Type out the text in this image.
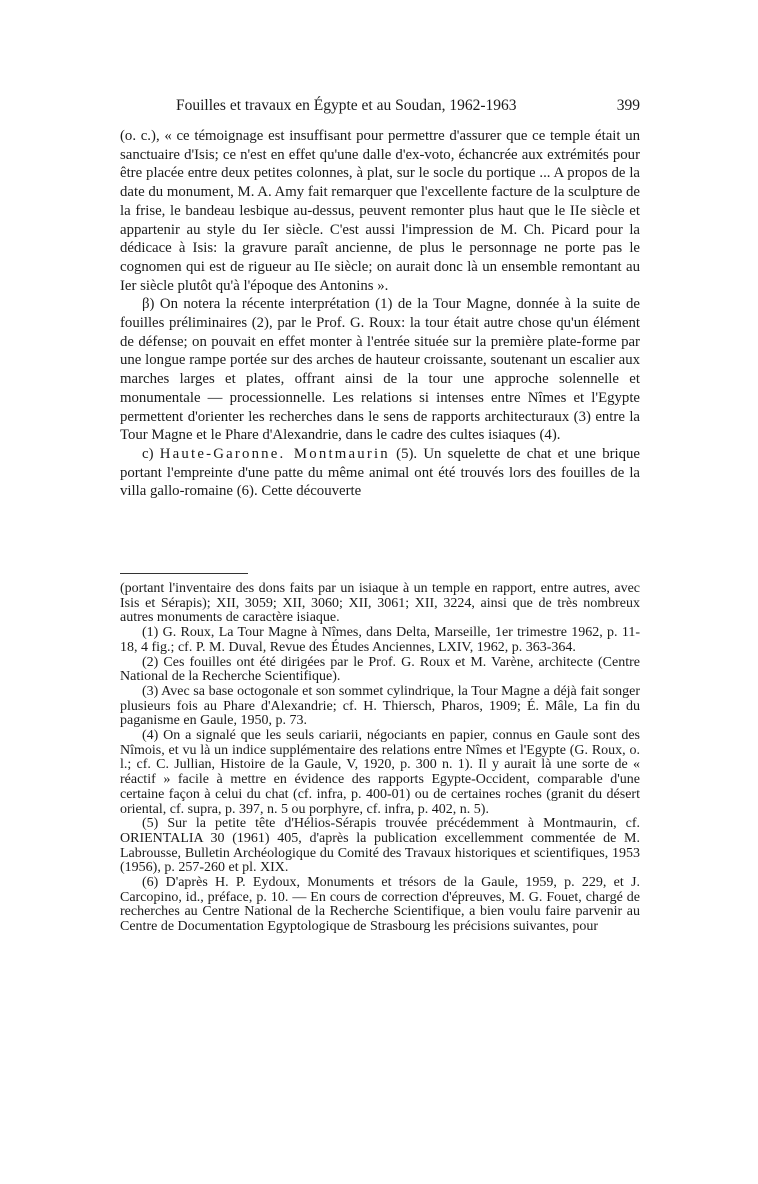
Fouilles et travaux en Égypte et au Soudan, 1962-1963	399

(o. c.), « ce témoignage est insuffisant pour permettre d'assurer que ce temple était un sanctuaire d'Isis; ce n'est en effet qu'une dalle d'ex-voto, échancrée aux extrémités pour être placée entre deux petites colonnes, à plat, sur le socle du portique ... A propos de la date du monument, M. A. Amy fait remarquer que l'excellente facture de la sculpture de la frise, le bandeau lesbique au-dessus, peuvent remonter plus haut que le IIe siècle et appartenir au style du Ier siècle. C'est aussi l'impression de M. Ch. Picard pour la dédicace à Isis: la gravure paraît ancienne, de plus le personnage ne porte pas le cognomen qui est de rigueur au IIe siècle; on aurait donc là un ensemble remontant au Ier siècle plutôt qu'à l'époque des Antonins ».

β) On notera la récente interprétation (1) de la Tour Magne, donnée à la suite de fouilles préliminaires (2), par le Prof. G. Roux: la tour était autre chose qu'un élément de défense; on pouvait en effet monter à l'entrée située sur la première plate-forme par une longue rampe portée sur des arches de hauteur croissante, soutenant un escalier aux marches larges et plates, offrant ainsi de la tour une approche solennelle et monumentale — processionnelle. Les relations si intenses entre Nîmes et l'Egypte permettent d'orienter les recherches dans le sens de rapports architecturaux (3) entre la Tour Magne et le Phare d'Alexandrie, dans le cadre des cultes isiaques (4).

c) Haute-Garonne. Montmaurin (5). Un squelette de chat et une brique portant l'empreinte d'une patte du même animal ont été trouvés lors des fouilles de la villa gallo-romaine (6). Cette découverte

(portant l'inventaire des dons faits par un isiaque à un temple en rapport, entre autres, avec Isis et Sérapis); XII, 3059; XII, 3060; XII, 3061; XII, 3224, ainsi que de très nombreux autres monuments de caractère isiaque.

(1) G. Roux, La Tour Magne à Nîmes, dans Delta, Marseille, 1er trimestre 1962, p. 11-18, 4 fig.; cf. P. M. Duval, Revue des Études Anciennes, LXIV, 1962, p. 363-364.

(2) Ces fouilles ont été dirigées par le Prof. G. Roux et M. Varène, architecte (Centre National de la Recherche Scientifique).

(3) Avec sa base octogonale et son sommet cylindrique, la Tour Magne a déjà fait songer plusieurs fois au Phare d'Alexandrie; cf. H. Thiersch, Pharos, 1909; É. Mâle, La fin du paganisme en Gaule, 1950, p. 73.

(4) On a signalé que les seuls cariarii, négociants en papier, connus en Gaule sont des Nîmois, et vu là un indice supplémentaire des relations entre Nîmes et l'Egypte (G. Roux, o. l.; cf. C. Jullian, Histoire de la Gaule, V, 1920, p. 300 n. 1). Il y aurait là une sorte de « réactif » facile à mettre en évidence des rapports Egypte-Occident, comparable d'une certaine façon à celui du chat (cf. infra, p. 400-01) ou de certaines roches (granit du désert oriental, cf. supra, p. 397, n. 5 ou porphyre, cf. infra, p. 402, n. 5).

(5) Sur la petite tête d'Hélios-Sérapis trouvée précédemment à Montmaurin, cf. ORIENTALIA 30 (1961) 405, d'après la publication excellemment commentée de M. Labrousse, Bulletin Archéologique du Comité des Travaux historiques et scientifiques, 1953 (1956), p. 257-260 et pl. XIX.

(6) D'après H. P. Eydoux, Monuments et trésors de la Gaule, 1959, p. 229, et J. Carcopino, id., préface, p. 10. — En cours de correction d'épreuves, M. G. Fouet, chargé de recherches au Centre National de la Recherche Scientifique, a bien voulu faire parvenir au Centre de Documentation Egyptologique de Strasbourg les précisions suivantes, pour
